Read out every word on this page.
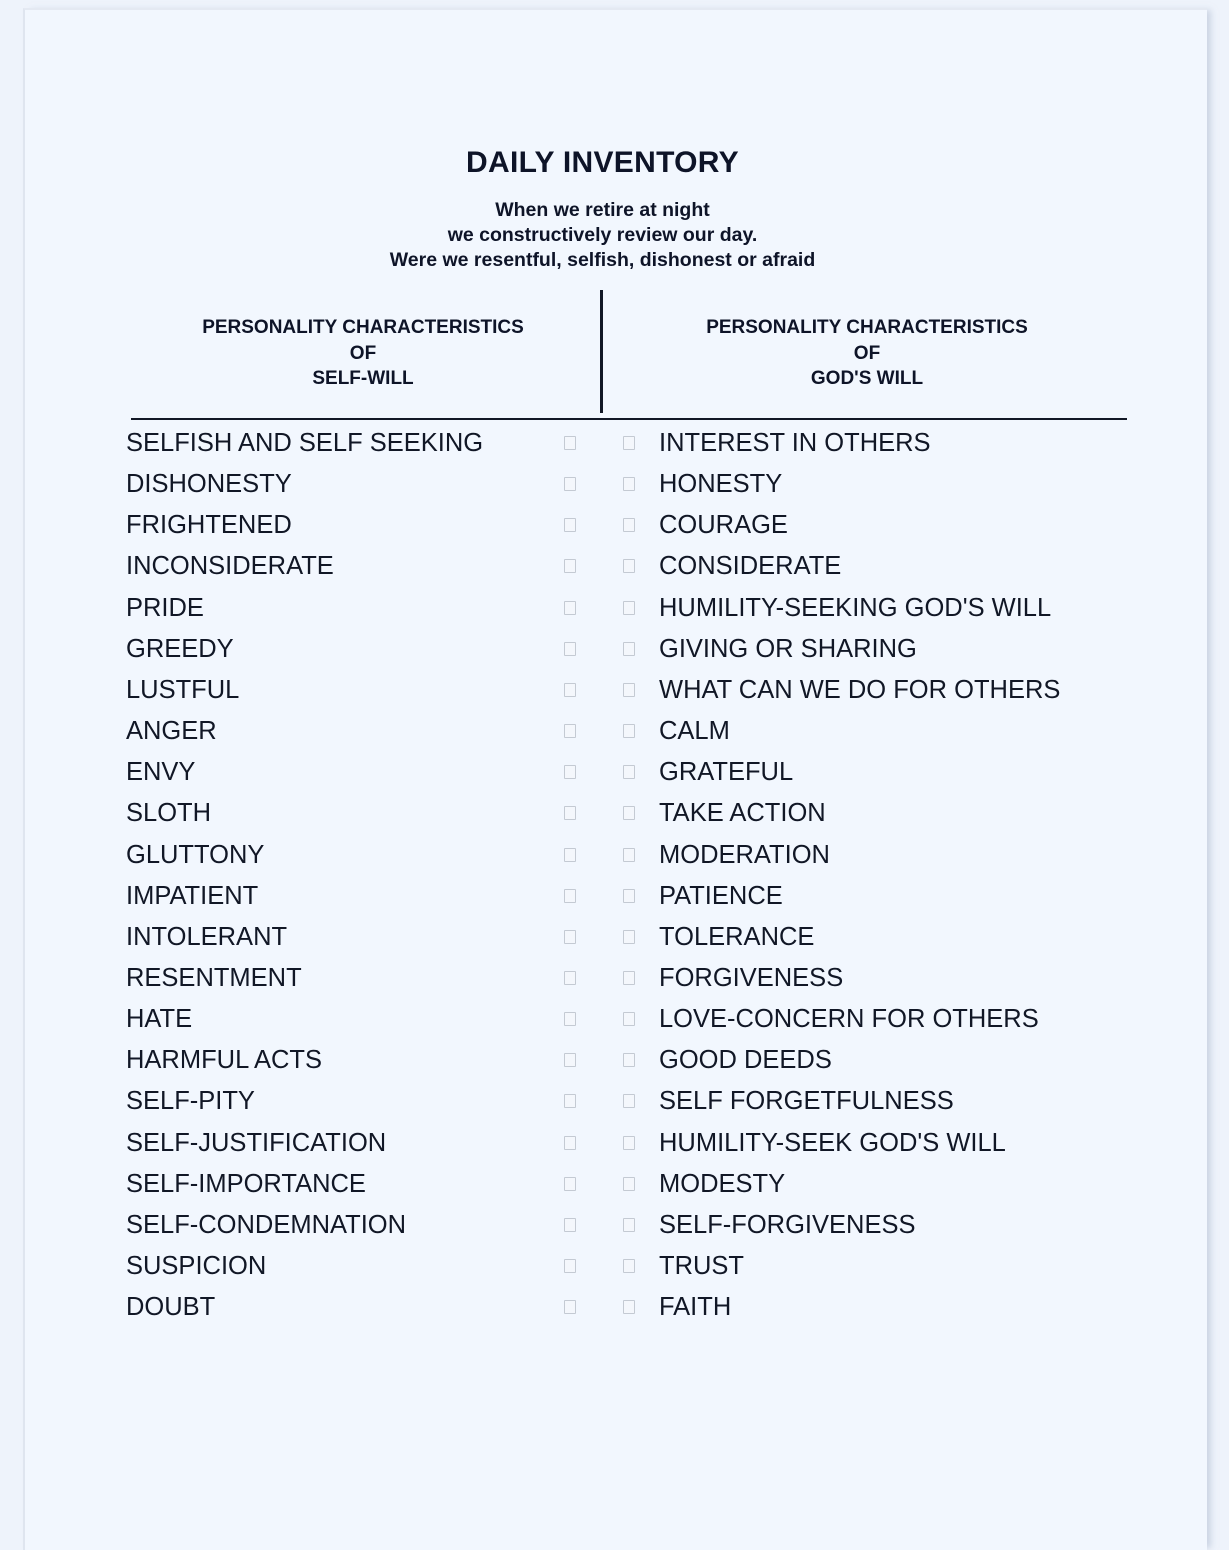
DAILY INVENTORY
When we retire at night
we constructively review our day.
Were we resentful, selfish, dishonest or afraid
PERSONALITY CHARACTERISTICS
OF
SELF-WILL
PERSONALITY CHARACTERISTICS
OF
GOD'S WILL
SELFISH AND SELF SEEKING	INTEREST IN OTHERS
DISHONESTY	HONESTY
FRIGHTENED	COURAGE
INCONSIDERATE	CONSIDERATE
PRIDE	HUMILITY-SEEKING GOD'S WILL
GREEDY	GIVING OR SHARING
LUSTFUL	WHAT CAN WE DO FOR OTHERS
ANGER	CALM
ENVY	GRATEFUL
SLOTH	TAKE ACTION
GLUTTONY	MODERATION
IMPATIENT	PATIENCE
INTOLERANT	TOLERANCE
RESENTMENT	FORGIVENESS
HATE	LOVE-CONCERN FOR OTHERS
HARMFUL ACTS	GOOD DEEDS
SELF-PITY	SELF FORGETFULNESS
SELF-JUSTIFICATION	HUMILITY-SEEK GOD'S WILL
SELF-IMPORTANCE	MODESTY
SELF-CONDEMNATION	SELF-FORGIVENESS
SUSPICION	TRUST
DOUBT	FAITH
